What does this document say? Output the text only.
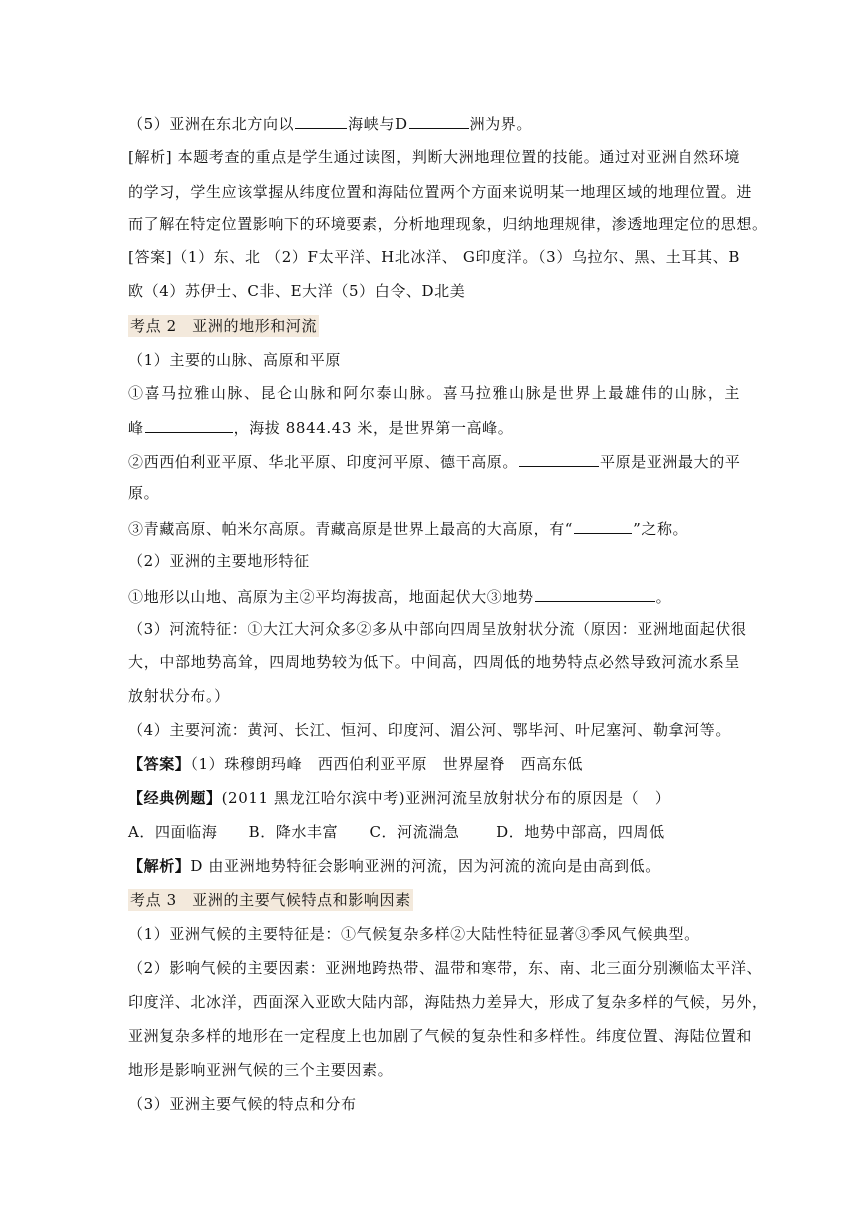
（5）亚洲在东北方向以	海峡与D	洲为界。
[解析] 本题考查的重点是学生通过读图，判断大洲地理位置的技能。通过对亚洲自然环境
的学习，学生应该掌握从纬度位置和海陆位置两个方面来说明某一地理区域的地理位置。进
而了解在特定位置影响下的环境要素，分析地理现象，归纳地理规律，渗透地理定位的思想。
[答案]（1）东、北 （2）F太平洋、H北冰洋、 G印度洋。（3）乌拉尔、黑、土耳其、B
欧（4）苏伊士、C非、E大洋（5）白令、D北美
考点 2　亚洲的地形和河流
（1）主要的山脉、高原和平原
①喜马拉雅山脉、昆仑山脉和阿尔泰山脉。喜马拉雅山脉是世界上最雄伟的山脉，主
峰	，海拔 8844.43 米，是世界第一高峰。
②西西伯利亚平原、华北平原、印度河平原、德干高原。	平原是亚洲最大的平
原。
③青藏高原、帕米尔高原。青藏高原是世界上最高的大高原，有“	”之称。
（2）亚洲的主要地形特征
①地形以山地、高原为主②平均海拔高，地面起伏大③地势	。
（3）河流特征：①大江大河众多②多从中部向四周呈放射状分流（原因：亚洲地面起伏很
大，中部地势高耸，四周地势较为低下。中间高，四周低的地势特点必然导致河流水系呈
放射状分布。）
（4）主要河流：黄河、长江、恒河、印度河、湄公河、鄂毕河、叶尼塞河、勒拿河等。
【答案】（1）珠穆朗玛峰　西西伯利亚平原　世界屋脊　西高东低
【经典例题】(2011 黑龙江哈尔滨中考)亚洲河流呈放射状分布的原因是（　）
A．四面临海　　B．降水丰富　　C．河流湍急　　 D．地势中部高，四周低
【解析】D 由亚洲地势特征会影响亚洲的河流，因为河流的流向是由高到低。
考点 3　亚洲的主要气候特点和影响因素
（1）亚洲气候的主要特征是：①气候复杂多样②大陆性特征显著③季风气候典型。
（2）影响气候的主要因素：亚洲地跨热带、温带和寒带，东、南、北三面分别濒临太平洋、
印度洋、北冰洋，西面深入亚欧大陆内部，海陆热力差异大，形成了复杂多样的气候，另外，
亚洲复杂多样的地形在一定程度上也加剧了气候的复杂性和多样性。纬度位置、海陆位置和
地形是影响亚洲气候的三个主要因素。
（3）亚洲主要气候的特点和分布
